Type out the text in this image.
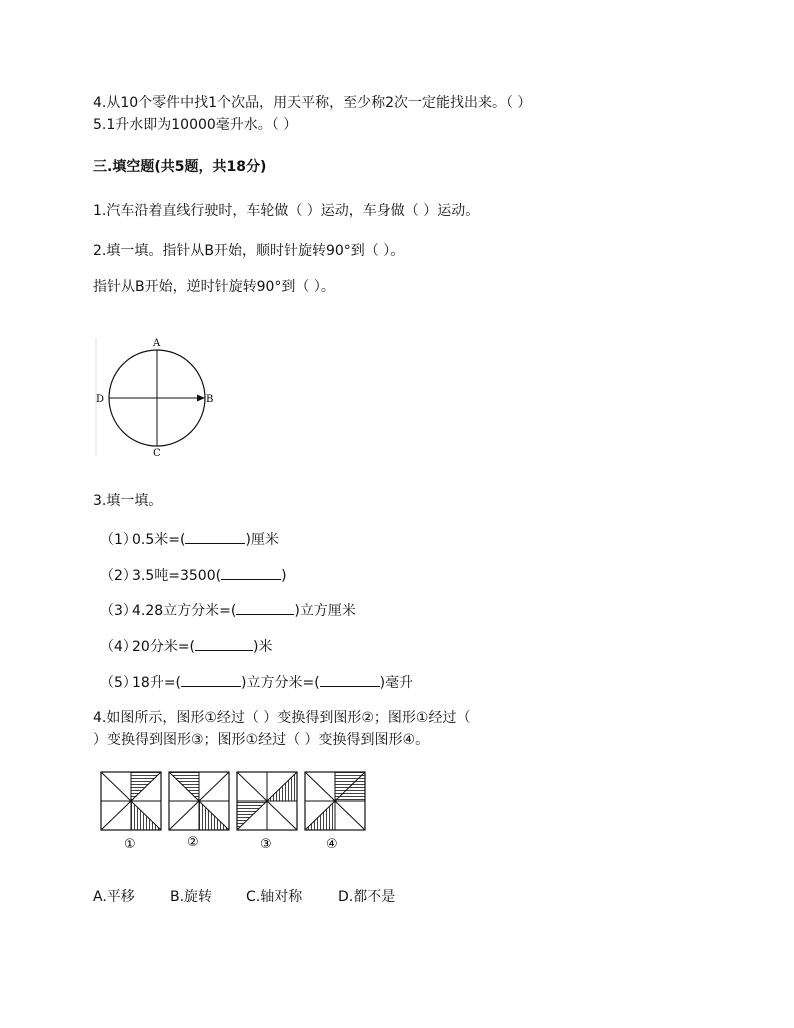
4.从10个零件中找1个次品，用天平称，至少称2次一定能找出来。（ ）
5.1升水即为10000毫升水。（ ）
三.填空题(共5题，共18分)
1.汽车沿着直线行驶时，车轮做（ ）运动，车身做（ ）运动。
2.填一填。指针从B开始，顺时针旋转90°到（ ）。
指针从B开始，逆时针旋转90°到（ ）。
A
B
C
D
3.填一填。
（1）0.5米=(	)厘米
（2）3.5吨=3500(	)
（3）4.28立方分米=(	)立方厘米
（4）20分米=(	)米
（5）18升=(	)立方分米=(	)毫升
4.如图所示，图形①经过（ ）变换得到图形②；图形①经过（
）变换得到图形③；图形①经过（ ）变换得到图形④。
①	②	③	④
A.平移	B.旋转 C.轴对称	D.都不是
